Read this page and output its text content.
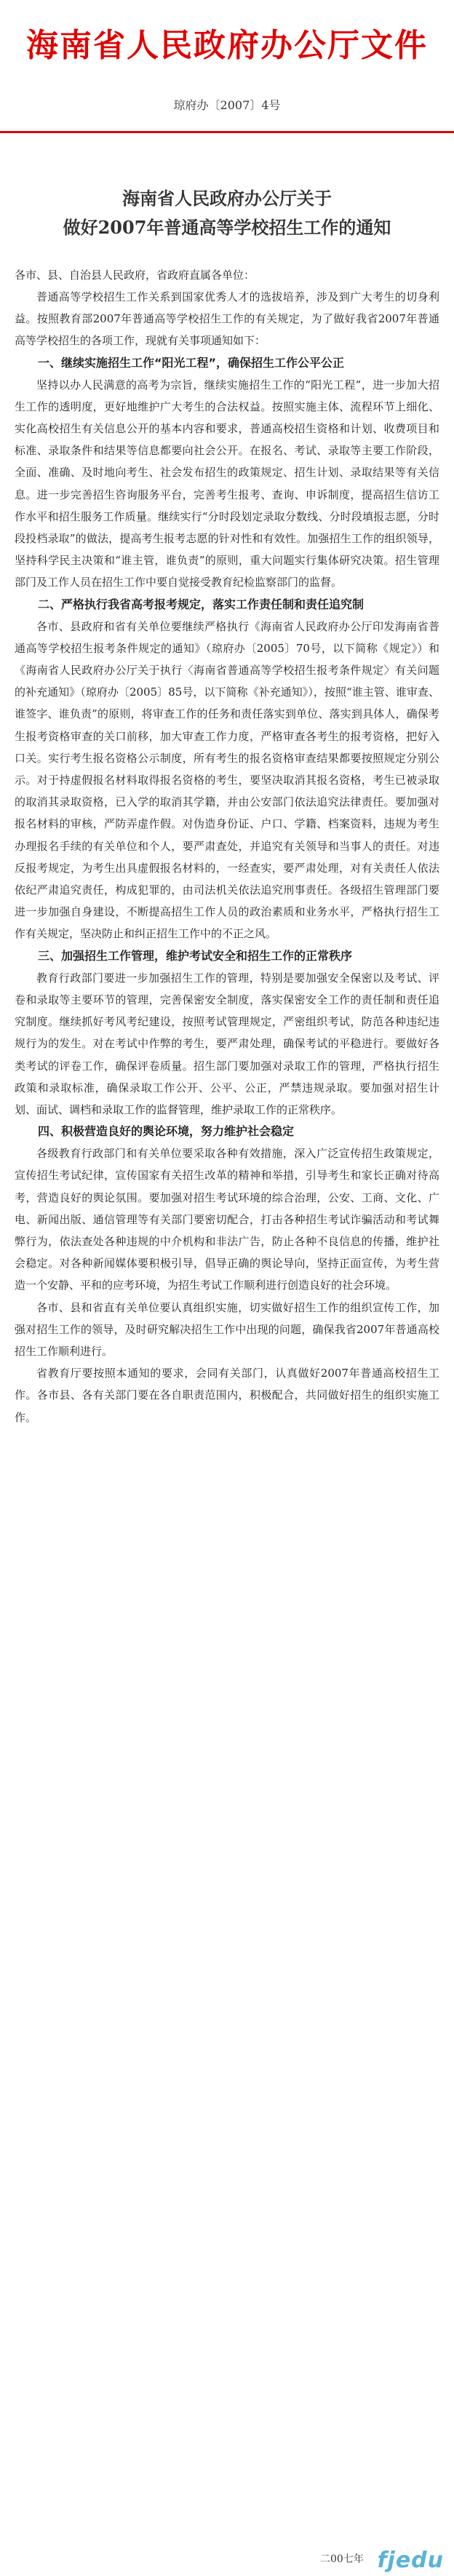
海南省人民政府办公厅文件
琼府办〔2007〕4号
海南省人民政府办公厅关于
做好2007年普通高等学校招生工作的通知
各市、县、自治县人民政府，省政府直属各单位：

普通高等学校招生工作关系到国家优秀人才的选拔培养，涉及到广大考生的切身利益。按照教育部2007年普通高等学校招生工作的有关规定，为了做好我省2007年普通高等学校招生的各项工作，现就有关事项通知如下：

一、继续实施招生工作“阳光工程”，确保招生工作公平公正

坚持以办人民满意的高考为宗旨，继续实施招生工作的“阳光工程”，进一步加大招生工作的透明度，更好地维护广大考生的合法权益。按照实施主体、流程环节上细化、实化高校招生有关信息公开的基本内容和要求，普通高校招生资格和计划、收费项目和标准、录取条件和结果等信息都要向社会公开。在报名、考试、录取等主要工作阶段，全面、准确、及时地向考生、社会发布招生的政策规定、招生计划、录取结果等有关信息。进一步完善招生咨询服务平台，完善考生报考、查询、申诉制度，提高招生信访工作水平和招生服务工作质量。继续实行“分时段划定录取分数线、分时段填报志愿，分时段投档录取”的做法，提高考生报考志愿的针对性和有效性。加强招生工作的组织领导，坚持科学民主决策和“谁主管，谁负责”的原则，重大问题实行集体研究决策。招生管理部门及工作人员在招生工作中要自觉接受教育纪检监察部门的监督。

二、严格执行我省高考报考规定，落实工作责任制和责任追究制

各市、县政府和省有关单位要继续严格执行《海南省人民政府办公厅印发海南省普通高等学校招生报考条件规定的通知》（琼府办〔2005〕70号，以下简称《规定》）和《海南省人民政府办公厅关于执行〈海南省普通高等学校招生报考条件规定〉有关问题的补充通知》（琼府办〔2005〕85号，以下简称《补充通知》），按照“谁主管、谁审查、谁签字、谁负责”的原则，将审查工作的任务和责任落实到单位、落实到具体人，确保考生报考资格审查的关口前移，加大审查工作力度，严格审查各考生的报考资格，把好入口关。实行考生报名资格公示制度，所有考生的报名资格审查结果都要按照规定分别公示。对于持虚假报名材料取得报名资格的考生，要坚决取消其报名资格，考生已被录取的取消其录取资格，已入学的取消其学籍，并由公安部门依法追究法律责任。要加强对报名材料的审核，严防弄虚作假。对伪造身份证、户口、学籍、档案资料，违规为考生办理报名手续的有关单位和个人，要严肃查处，并追究有关领导和当事人的责任。对违反报考规定，为考生出具虚假报名材料的，一经查实，要严肃处理，对有关责任人依法依纪严肃追究责任，构成犯罪的，由司法机关依法追究刑事责任。各级招生管理部门要进一步加强自身建设，不断提高招生工作人员的政治素质和业务水平，严格执行招生工作有关规定，坚决防止和纠正招生工作中的不正之风。

三、加强招生工作管理，维护考试安全和招生工作的正常秩序

教育行政部门要进一步加强招生工作的管理，特别是要加强安全保密以及考试、评卷和录取等主要环节的管理，完善保密安全制度，落实保密安全工作的责任制和责任追究制度。继续抓好考风考纪建设，按照考试管理规定，严密组织考试，防范各种违纪违规行为的发生。对在考试中作弊的考生，要严肃处理，确保考试的平稳进行。要做好各类考试的评卷工作，确保评卷质量。招生部门要加强对录取工作的管理，严格执行招生政策和录取标准，确保录取工作公开、公平、公正，严禁违规录取。要加强对招生计划、面试、调档和录取工作的监督管理，维护录取工作的正常秩序。

四、积极营造良好的舆论环境，努力维护社会稳定

各级教育行政部门和有关单位要采取各种有效措施，深入广泛宣传招生政策规定，宣传招生考试纪律，宣传国家有关招生改革的精神和举措，引导考生和家长正确对待高考，营造良好的舆论氛围。要加强对招生考试环境的综合治理，公安、工商、文化、广电、新闻出版、通信管理等有关部门要密切配合，打击各种招生考试诈骗活动和考试舞弊行为，依法查处各种违规的中介机构和非法广告，防止各种不良信息的传播，维护社会稳定。对各种新闻媒体要积极引导，倡导正确的舆论导向，坚持正面宣传，为考生营造一个安静、平和的应考环境，为招生考试工作顺利进行创造良好的社会环境。

各市、县和省直有关单位要认真组织实施，切实做好招生工作的组织宣传工作，加强对招生工作的领导，及时研究解决招生工作中出现的问题，确保我省2007年普通高校招生工作顺利进行。

省教育厅要按照本通知的要求，会同有关部门，认真做好2007年普通高校招生工作。各市县、各有关部门要在各自职责范围内，积极配合，共同做好招生的组织实施工作。

二00七年 fjedu
